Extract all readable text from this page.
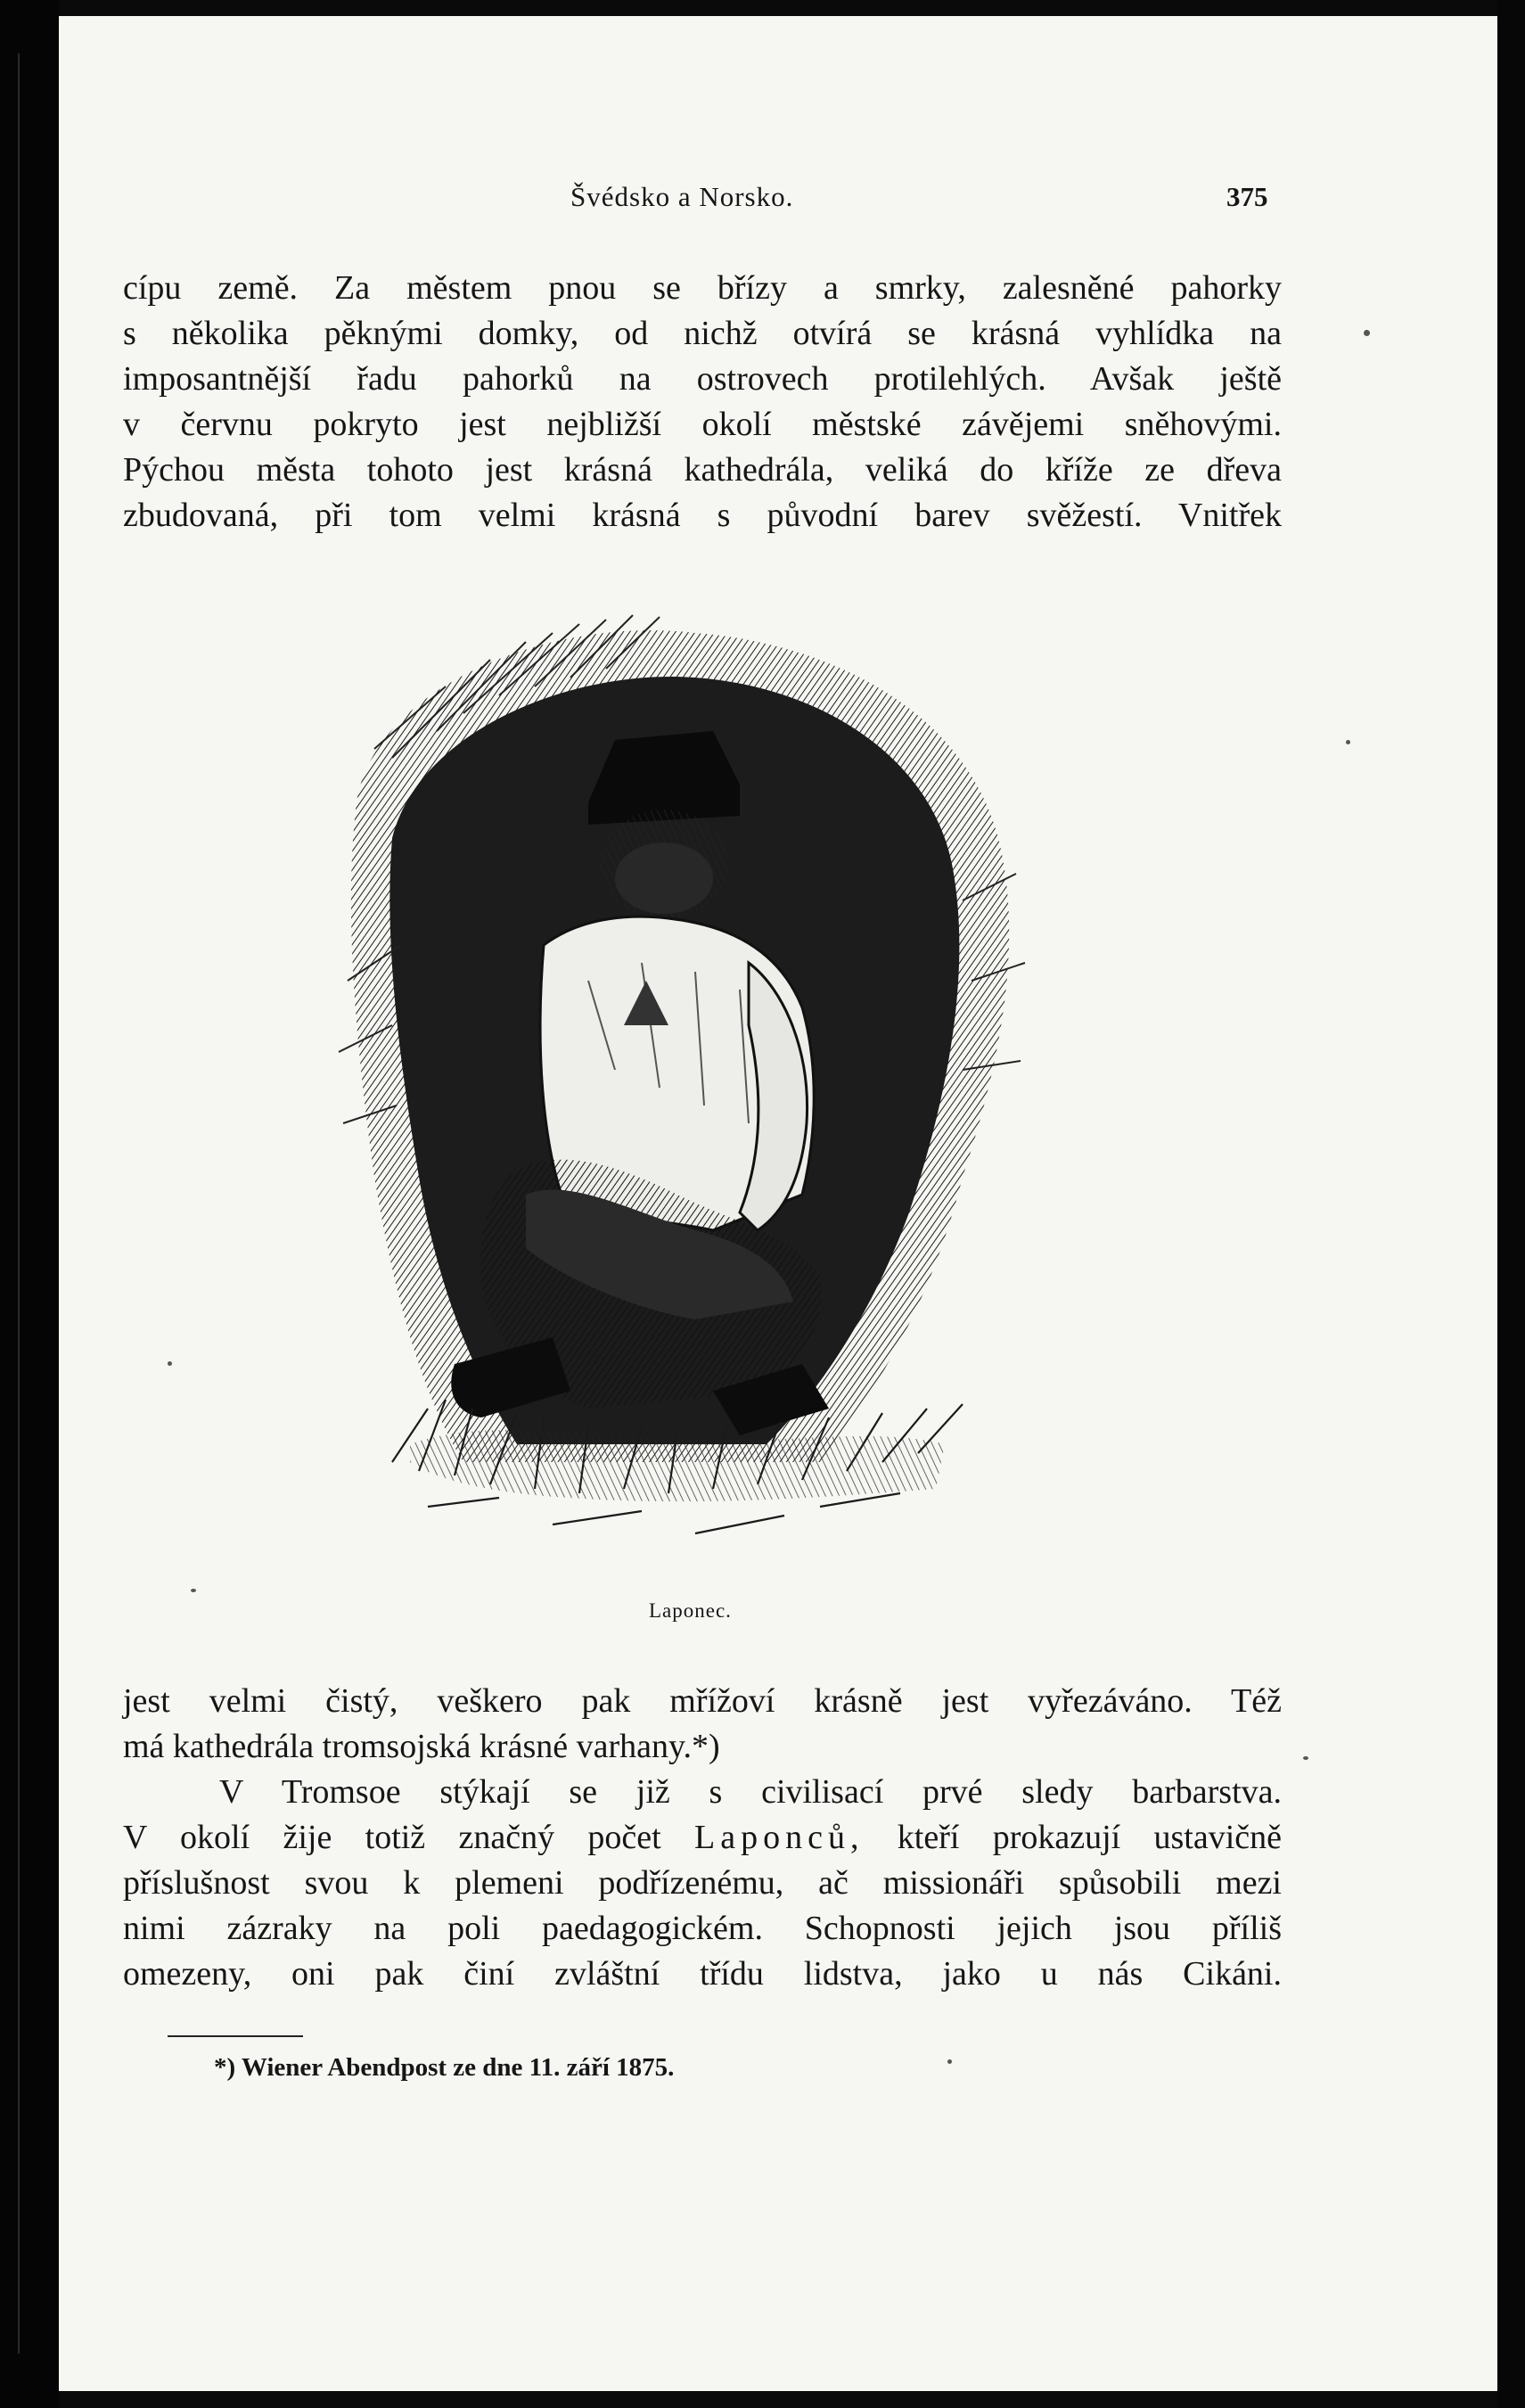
Švédsko a Norsko.	375
cípu země. Za městem pnou se břízy a smrky, zalesněné pahorky
s několika pěknými domky, od nichž otvírá se krásná vyhlídka na
imposantnější řadu pahorků na ostrovech protilehlých. Avšak ještě
v červnu pokryto jest nejbližší okolí městské závějemi sněhovými.
Pýchou města tohoto jest krásná kathedrála, veliká do kříže ze dřeva
zbudovaná, při tom velmi krásná s původní barev svěžestí. Vnitřek
Laponec.
jest velmi čistý, veškero pak mřížoví krásně jest vyřezáváno. Též
má kathedrála tromsojská krásné varhany.*)
V Tromsoe stýkají se již s civilisací prvé sledy barbarstva.
V okolí žije totiž značný počet Laponců, kteří prokazují ustavičně
příslušnost svou k plemeni podřízenému, ač missionáři spůsobili mezi
nimi zázraky na poli paedagogickém. Schopnosti jejich jsou příliš
omezeny, oni pak činí zvláštní třídu lidstva, jako u nás Cikáni.
*) Wiener Abendpost ze dne 11. září 1875.
